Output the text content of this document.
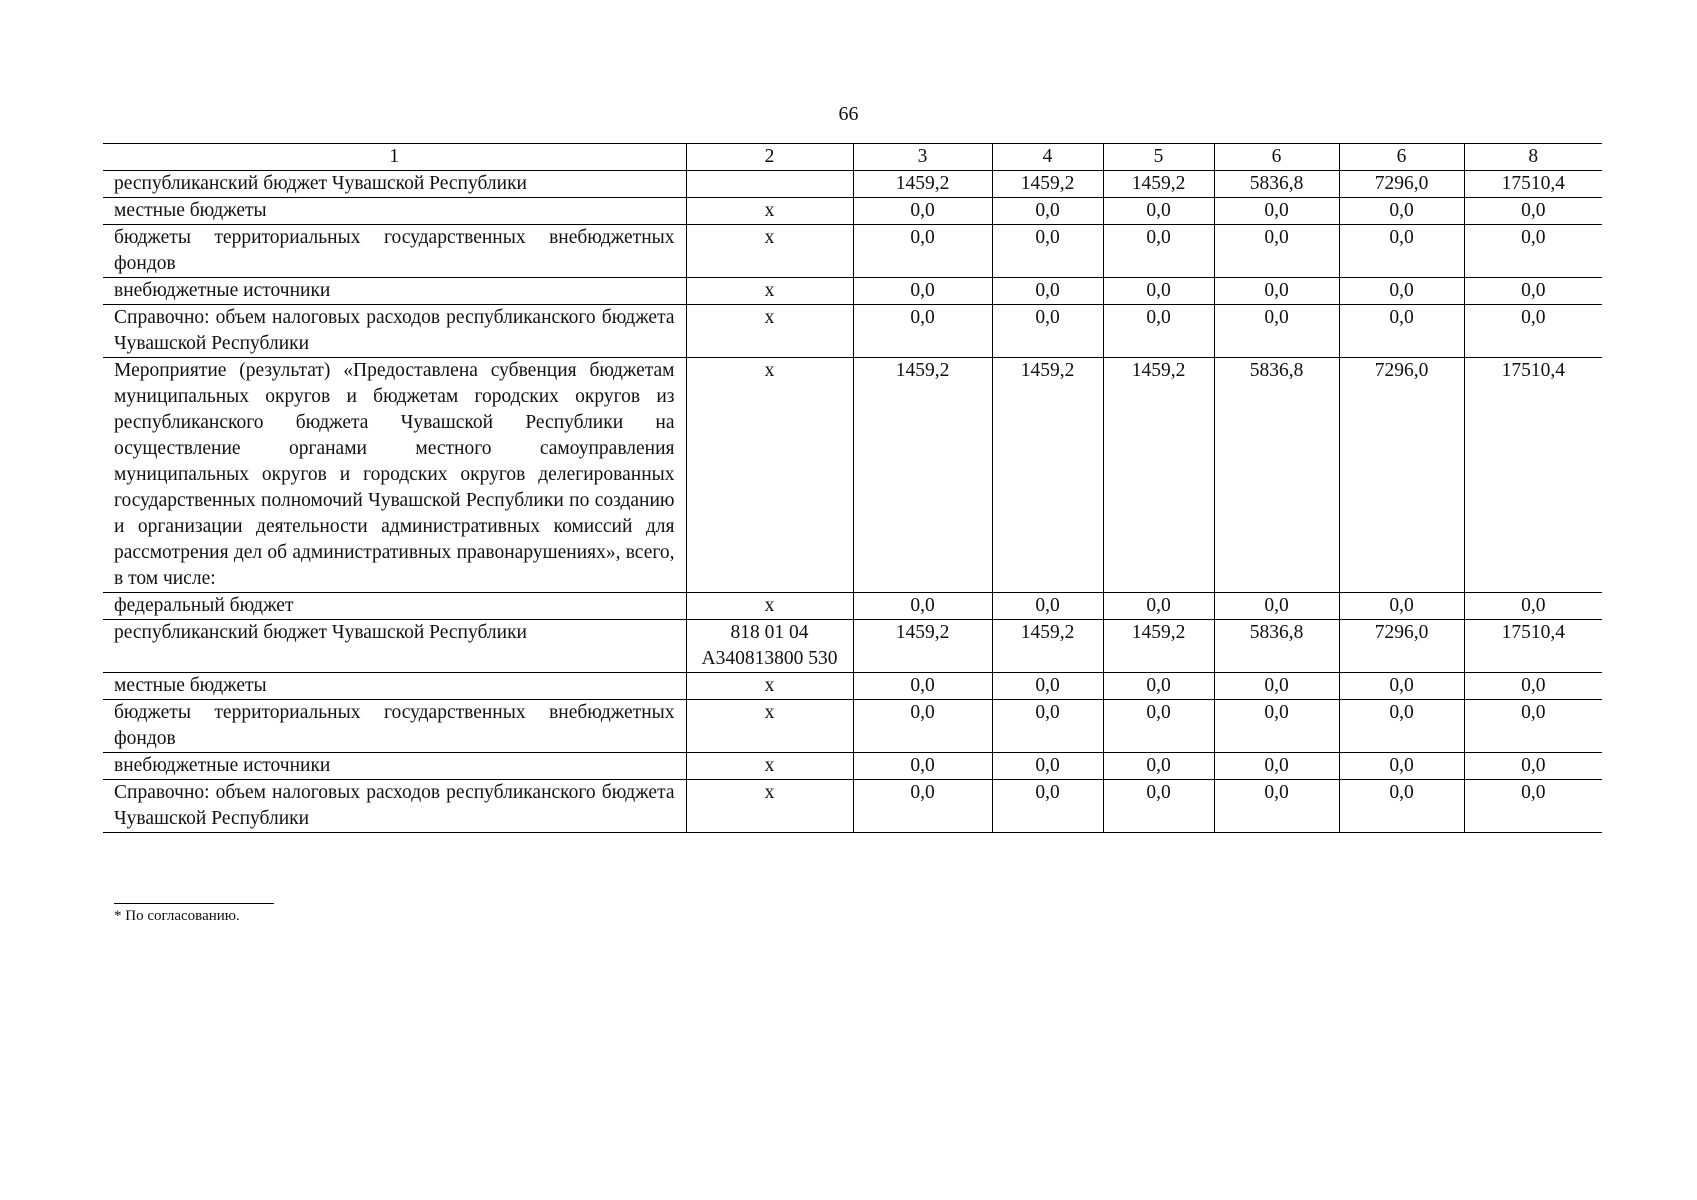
66
1	2	3	4	5	6	6	8
республиканский бюджет Чувашской Республики		1459,2	1459,2	1459,2	5836,8	7296,0	17510,4
местные бюджеты	x	0,0	0,0	0,0	0,0	0,0	0,0
бюджеты территориальных государственных внебюджетных фондов	x	0,0	0,0	0,0	0,0	0,0	0,0
внебюджетные источники	x	0,0	0,0	0,0	0,0	0,0	0,0
Справочно: объем налоговых расходов республиканского бюджета Чувашской Республики	x	0,0	0,0	0,0	0,0	0,0	0,0
Мероприятие (результат) «Предоставлена субвенция бюджетам муниципальных округов и бюджетам городских округов из республиканского бюджета Чувашской Республики на осуществление органами местного самоуправления муниципальных округов и городских округов делегированных государственных полномочий Чувашской Республики по созданию и организации деятельности административных комиссий для рассмотрения дел об административных правонарушениях», всего, в том числе:	x	1459,2	1459,2	1459,2	5836,8	7296,0	17510,4
федеральный бюджет	x	0,0	0,0	0,0	0,0	0,0	0,0
республиканский бюджет Чувашской Республики	818 01 04 А340813800 530	1459,2	1459,2	1459,2	5836,8	7296,0	17510,4
местные бюджеты	x	0,0	0,0	0,0	0,0	0,0	0,0
бюджеты территориальных государственных внебюджетных фондов	x	0,0	0,0	0,0	0,0	0,0	0,0
внебюджетные источники	x	0,0	0,0	0,0	0,0	0,0	0,0
Справочно: объем налоговых расходов республиканского бюджета Чувашской Республики	x	0,0	0,0	0,0	0,0	0,0	0,0
* По согласованию.
